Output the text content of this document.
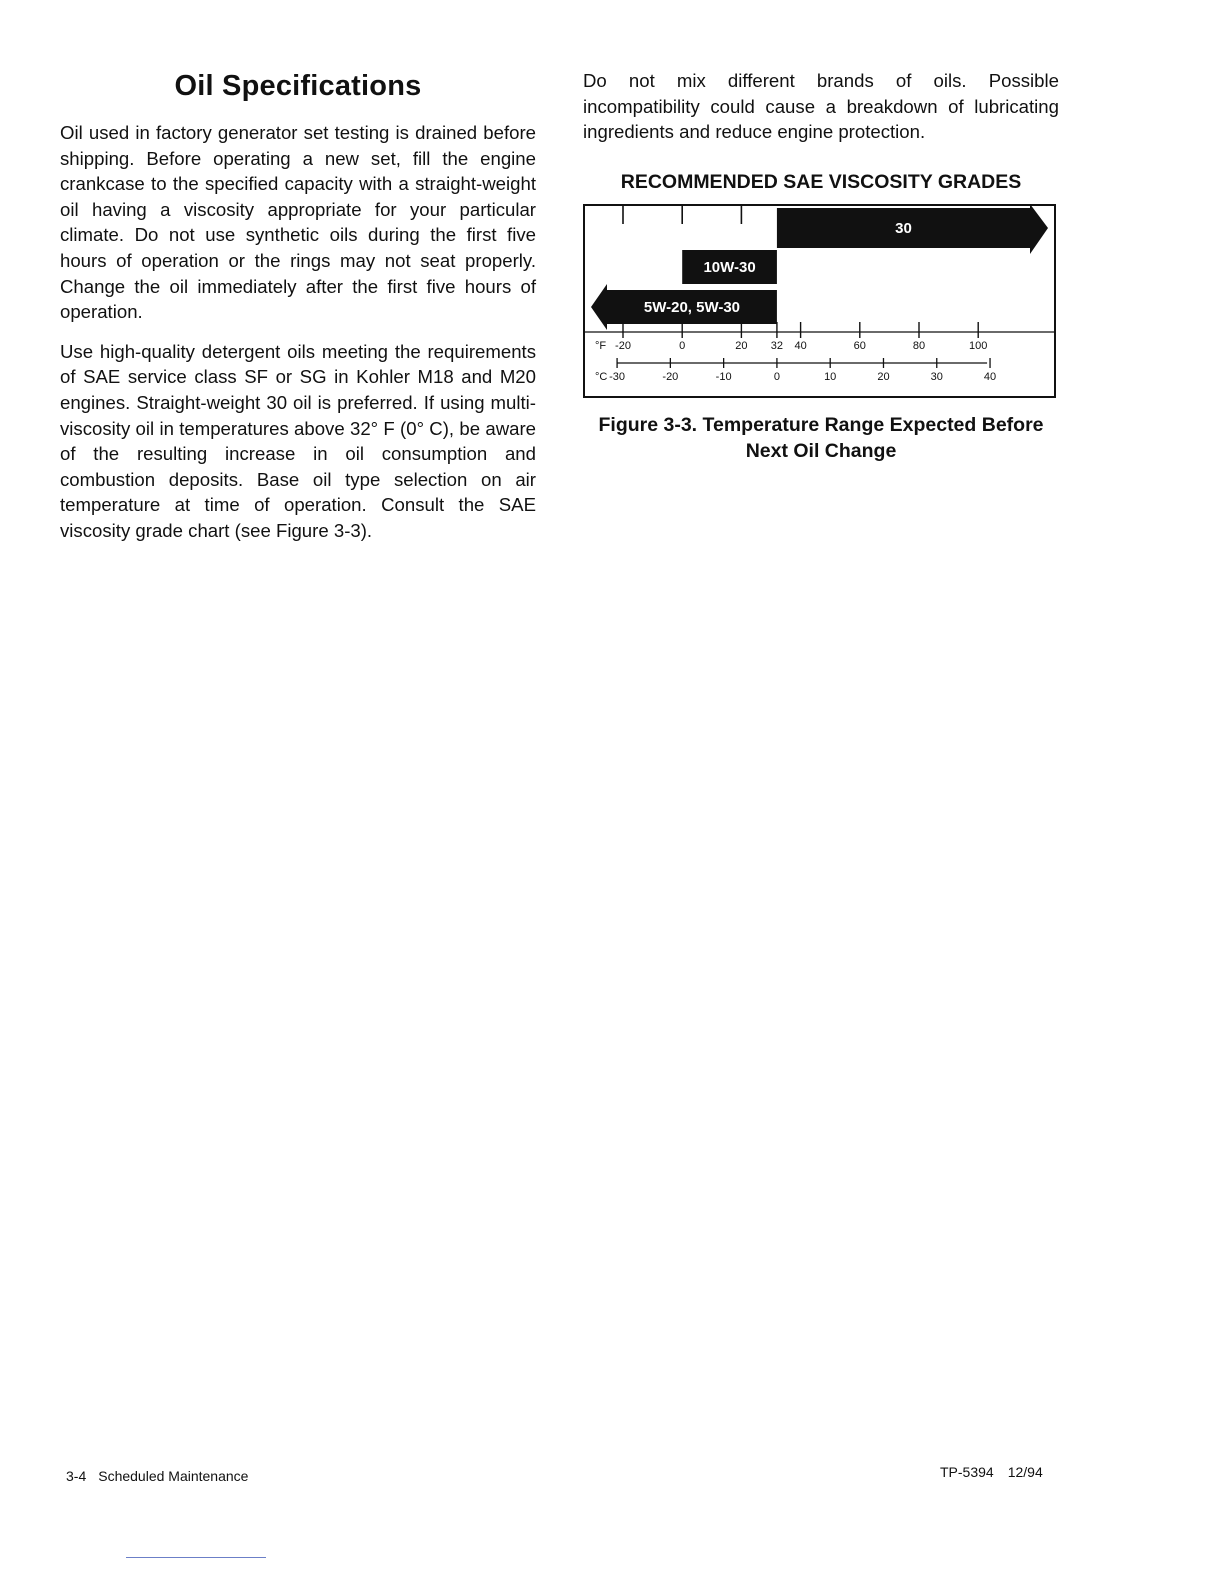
Oil Specifications

Oil used in factory generator set testing is drained before shipping. Before operating a new set, fill the engine crankcase to the specified capacity with a straight-weight oil having a viscosity appropriate for your particular climate. Do not use synthetic oils during the first five hours of operation or the rings may not seat properly. Change the oil immediately after the first five hours of operation.

Use high-quality detergent oils meeting the requirements of SAE service class SF or SG in Kohler M18 and M20 engines. Straight-weight 30 oil is preferred. If using multi-viscosity oil in temperatures above 32° F (0° C), be aware of the resulting increase in oil consumption and combustion deposits. Base oil type selection on air temperature at time of operation. Consult the SAE viscosity grade chart (see Figure 3-3).

Do not mix different brands of oils. Possible incompatibility could cause a breakdown of lubricating ingredients and reduce engine protection.

RECOMMENDED SAE VISCOSITY GRADES
30
10W-30
5W-20, 5W-30
-20	0	20 32 40	60	80	100
°F
-30	-20	-10	0	10	20	30	40
°C
Figure 3-3. Temperature Range Expected Before
Next Oil Change
3-4 Scheduled Maintenance	TP-5394 12/94
